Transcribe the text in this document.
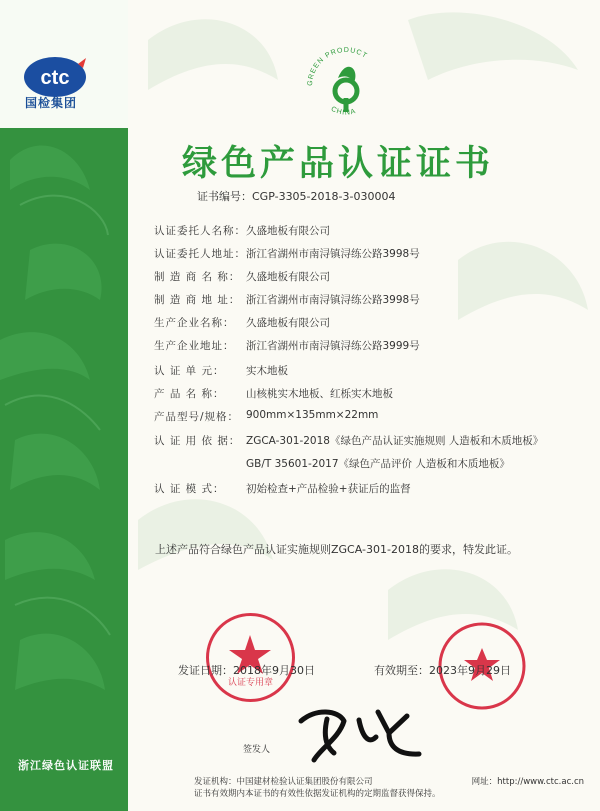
ctc
国检集团
浙江绿色认证联盟
GREEN PRODUCT
CHINA
绿色产品认证证书
证书编号：CGP-3305-2018-3-030004
认证委托人名称： 久盛地板有限公司
认证委托人地址： 浙江省湖州市南浔镇浔练公路3998号
制 造 商 名 称： 久盛地板有限公司
制 造 商 地 址： 浙江省湖州市南浔镇浔练公路3998号
生产企业名称：	久盛地板有限公司
生产企业地址：	浙江省湖州市南浔镇浔练公路3999号
认 证 单 元：	实木地板
产 品 名 称：	山核桃实木地板、红栎实木地板
产品型号/规格： 900mm×135mm×22mm
认 证 用 依 据： ZGCA-301-2018《绿色产品认证实施规则 人造板和木质地板》
GB/T 35601-2017《绿色产品评价 人造板和木质地板》
认 证 模 式：	初始检查+产品检验+获证后的监督
上述产品符合绿色产品认证实施规则ZGCA-301-2018的要求，特发此证。
认证专用章
发证日期：2018年9月30日	有效期至：2023年9月29日
签发人
发证机构：中国建材检验认证集团股份有限公司	网址：http://www.ctc.ac.cn
证书有效期内本证书的有效性依据发证机构的定期监督获得保持。
